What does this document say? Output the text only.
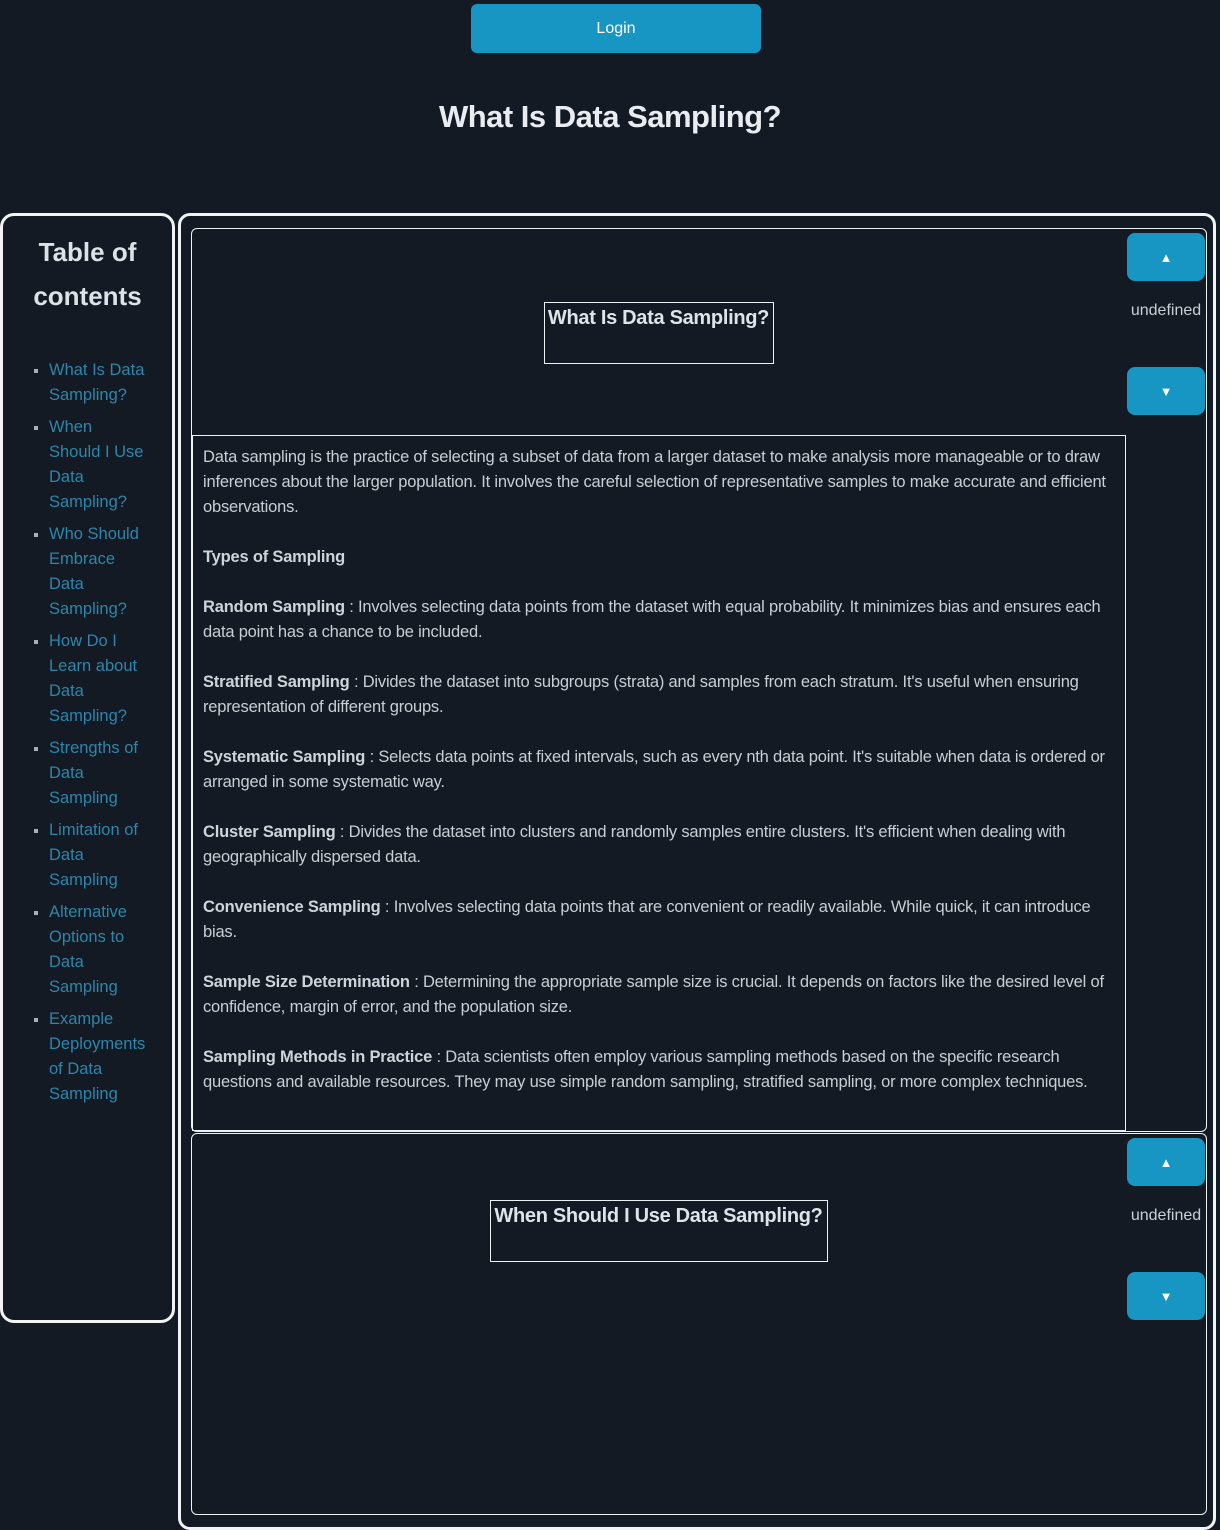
Login
What Is Data Sampling?
Table of contents
▪ What Is Data Sampling?
▪ When Should I Use Data Sampling?
▪ Who Should Embrace Data Sampling?
▪ How Do I Learn about Data Sampling?
▪ Strengths of Data Sampling
▪ Limitation of Data Sampling
▪ Alternative Options to Data Sampling
▪ Example Deployments of Data Sampling
What Is Data Sampling?

Data sampling is the practice of selecting a subset of data from a larger dataset to make analysis more manageable or to draw inferences about the larger population. It involves the careful selection of representative samples to make accurate and efficient observations.

Types of Sampling

Random Sampling : Involves selecting data points from the dataset with equal probability. It minimizes bias and ensures each data point has a chance to be included.

Stratified Sampling : Divides the dataset into subgroups (strata) and samples from each stratum. It's useful when ensuring representation of different groups.

Systematic Sampling : Selects data points at fixed intervals, such as every nth data point. It's suitable when data is ordered or arranged in some systematic way.

Cluster Sampling : Divides the dataset into clusters and randomly samples entire clusters. It's efficient when dealing with geographically dispersed data.

Convenience Sampling : Involves selecting data points that are convenient or readily available. While quick, it can introduce bias.

Sample Size Determination : Determining the appropriate sample size is crucial. It depends on factors like the desired level of confidence, margin of error, and the population size.

Sampling Methods in Practice : Data scientists often employ various sampling methods based on the specific research questions and available resources. They may use simple random sampling, stratified sampling, or more complex techniques.

▲
undefined
▼
When Should I Use Data Sampling?
▲
undefined
▼
